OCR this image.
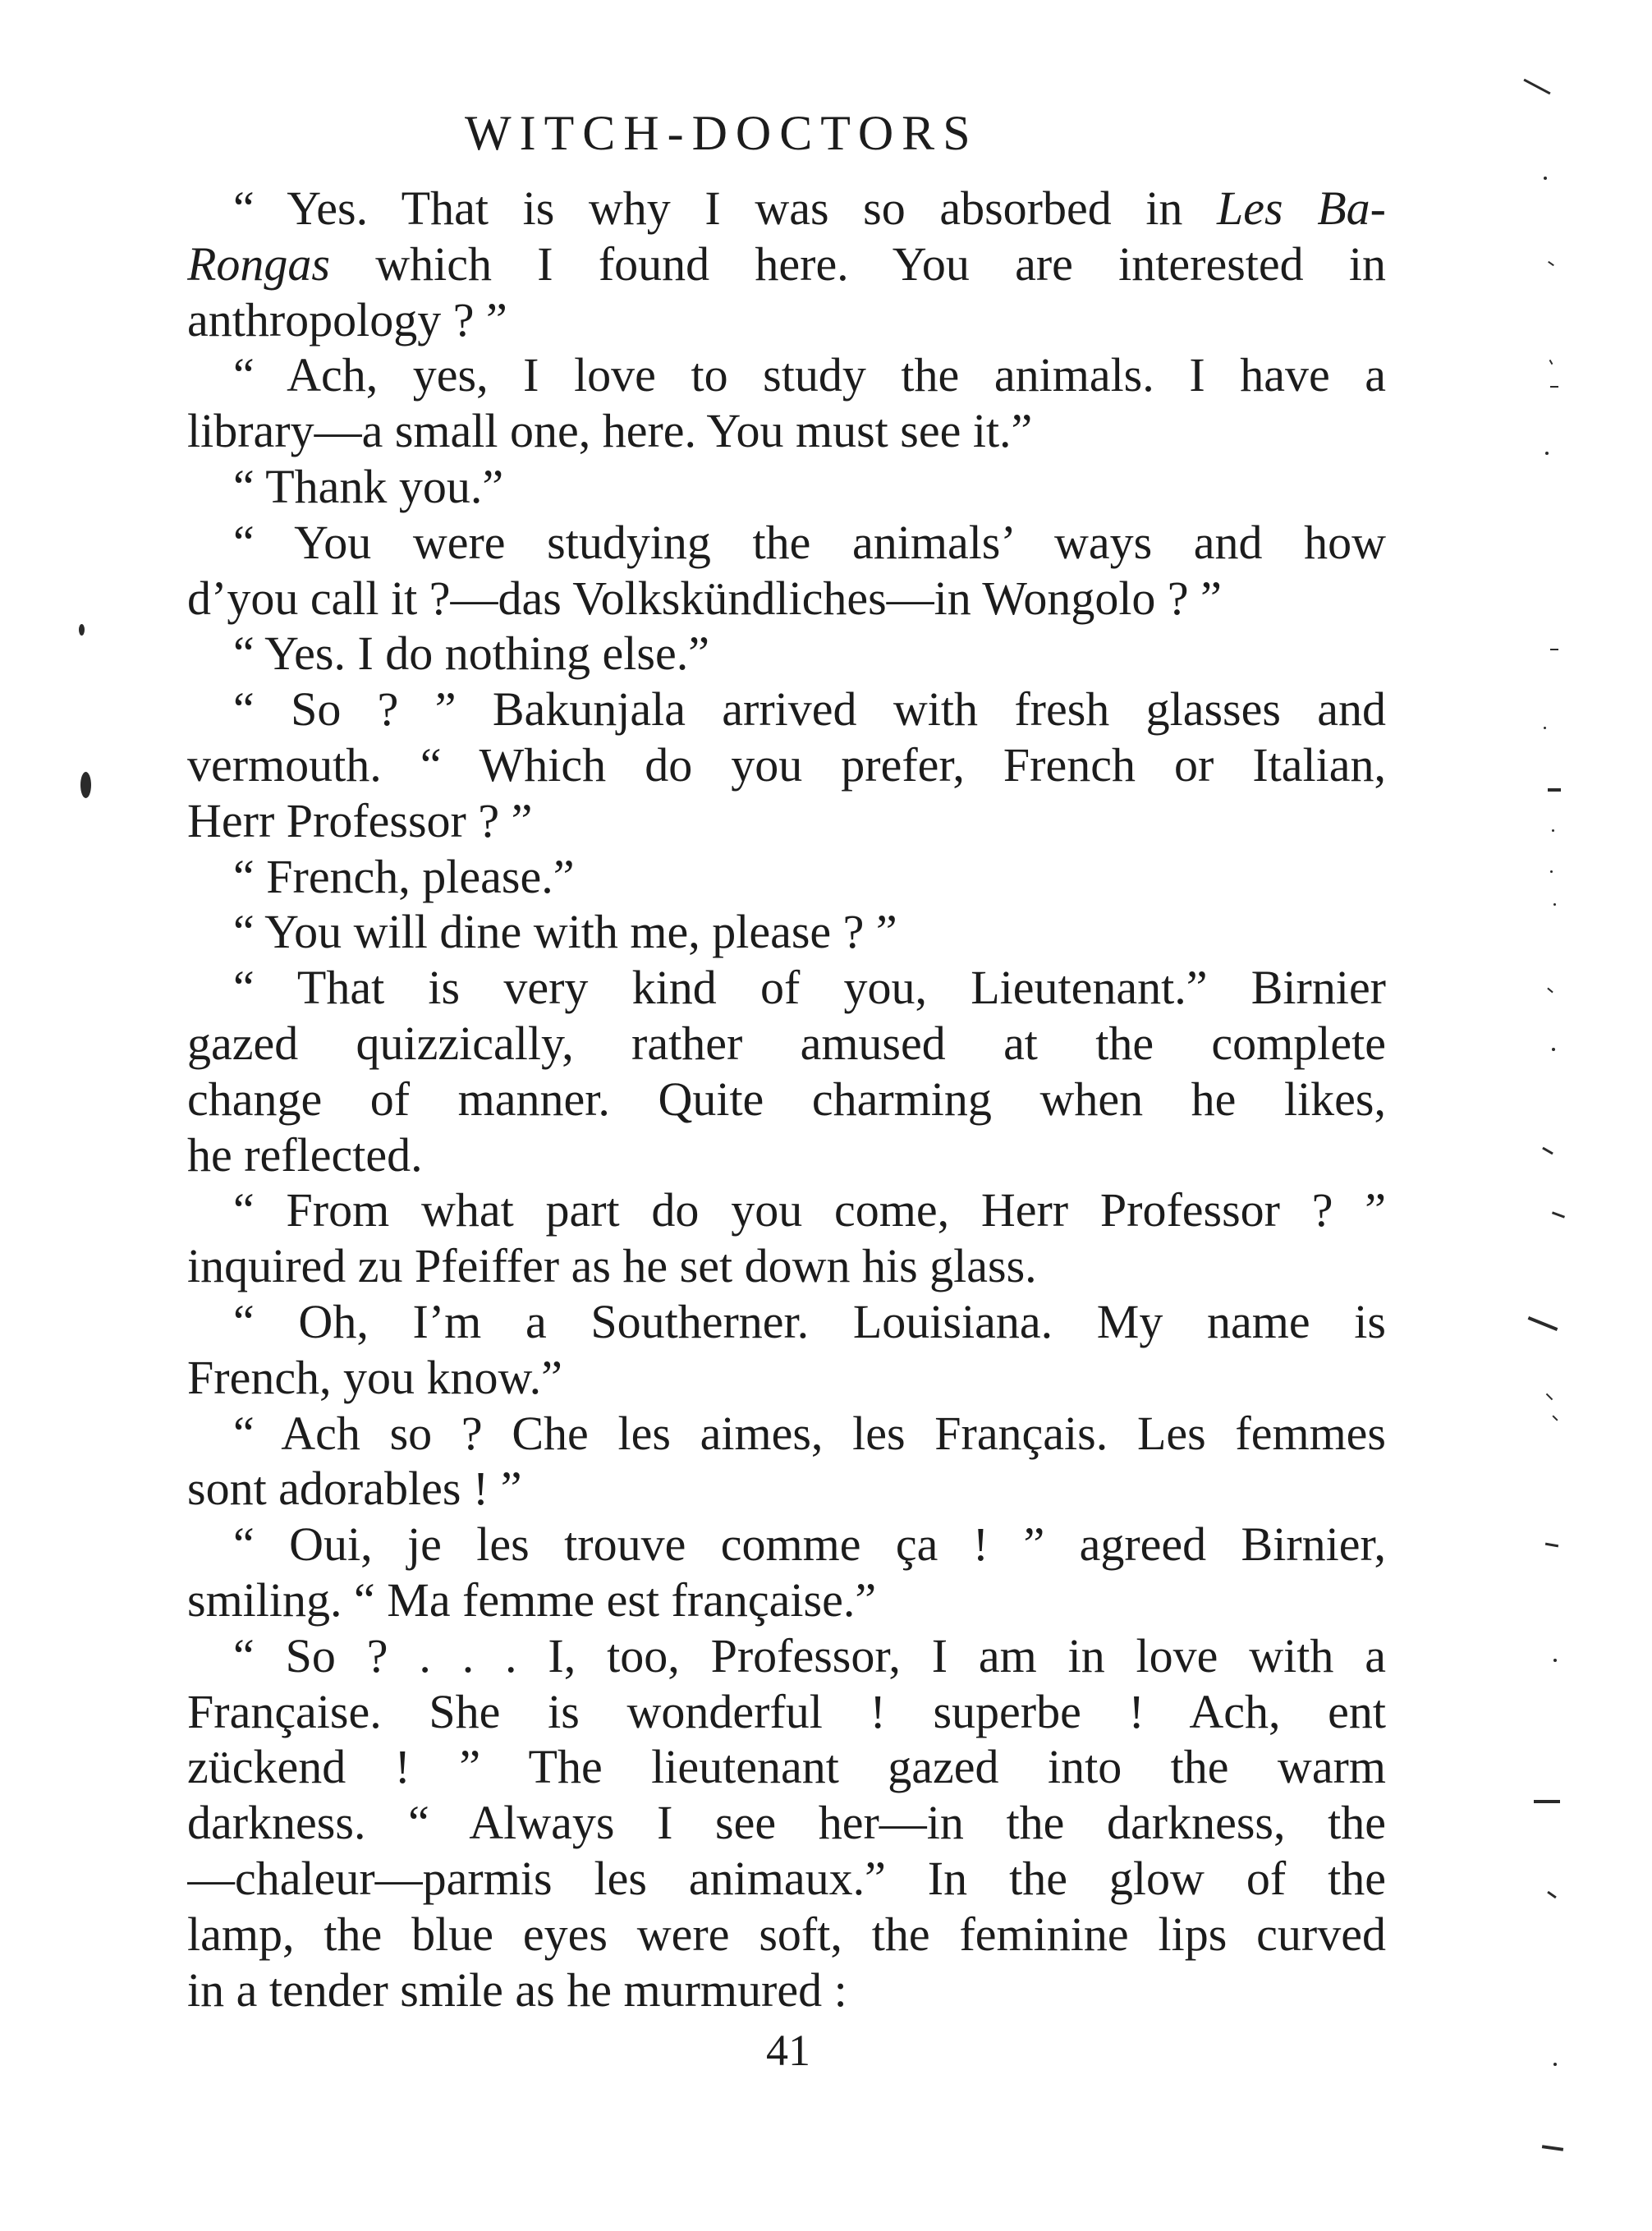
WITCH-DOCTORS
“ Yes. That is why I was so absorbed in Les Ba-
Rongas which I found here. You are interested in
anthropology ? ”
“ Ach, yes, I love to study the animals. I have a
library—a small one, here. You must see it.”
“ Thank you.”
“ You were studying the animals’ ways and how
d’you call it ?—das Volkskündliches—in Wongolo ? ”
“ Yes. I do nothing else.”
“ So ? ” Bakunjala arrived with fresh glasses and
vermouth. “ Which do you prefer, French or Italian,
Herr Professor ? ”
“ French, please.”
“ You will dine with me, please ? ”
“ That is very kind of you, Lieutenant.” Birnier
gazed quizzically, rather amused at the complete
change of manner. Quite charming when he likes,
he reflected.
“ From what part do you come, Herr Professor ? ”
inquired zu Pfeiffer as he set down his glass.
“ Oh, I’m a Southerner. Louisiana. My name is
French, you know.”
“ Ach so ? Che les aimes, les Français. Les femmes
sont adorables ! ”
“ Oui, je les trouve comme ça ! ” agreed Birnier,
smiling. “ Ma femme est française.”
“ So ? . . . I, too, Professor, I am in love with a
Française. She is wonderful ! superbe ! Ach, ent
zückend ! ” The lieutenant gazed into the warm
darkness. “ Always I see her—in the darkness, the
—chaleur—parmis les animaux.” In the glow of the
lamp, the blue eyes were soft, the feminine lips curved
in a tender smile as he murmured :
41
